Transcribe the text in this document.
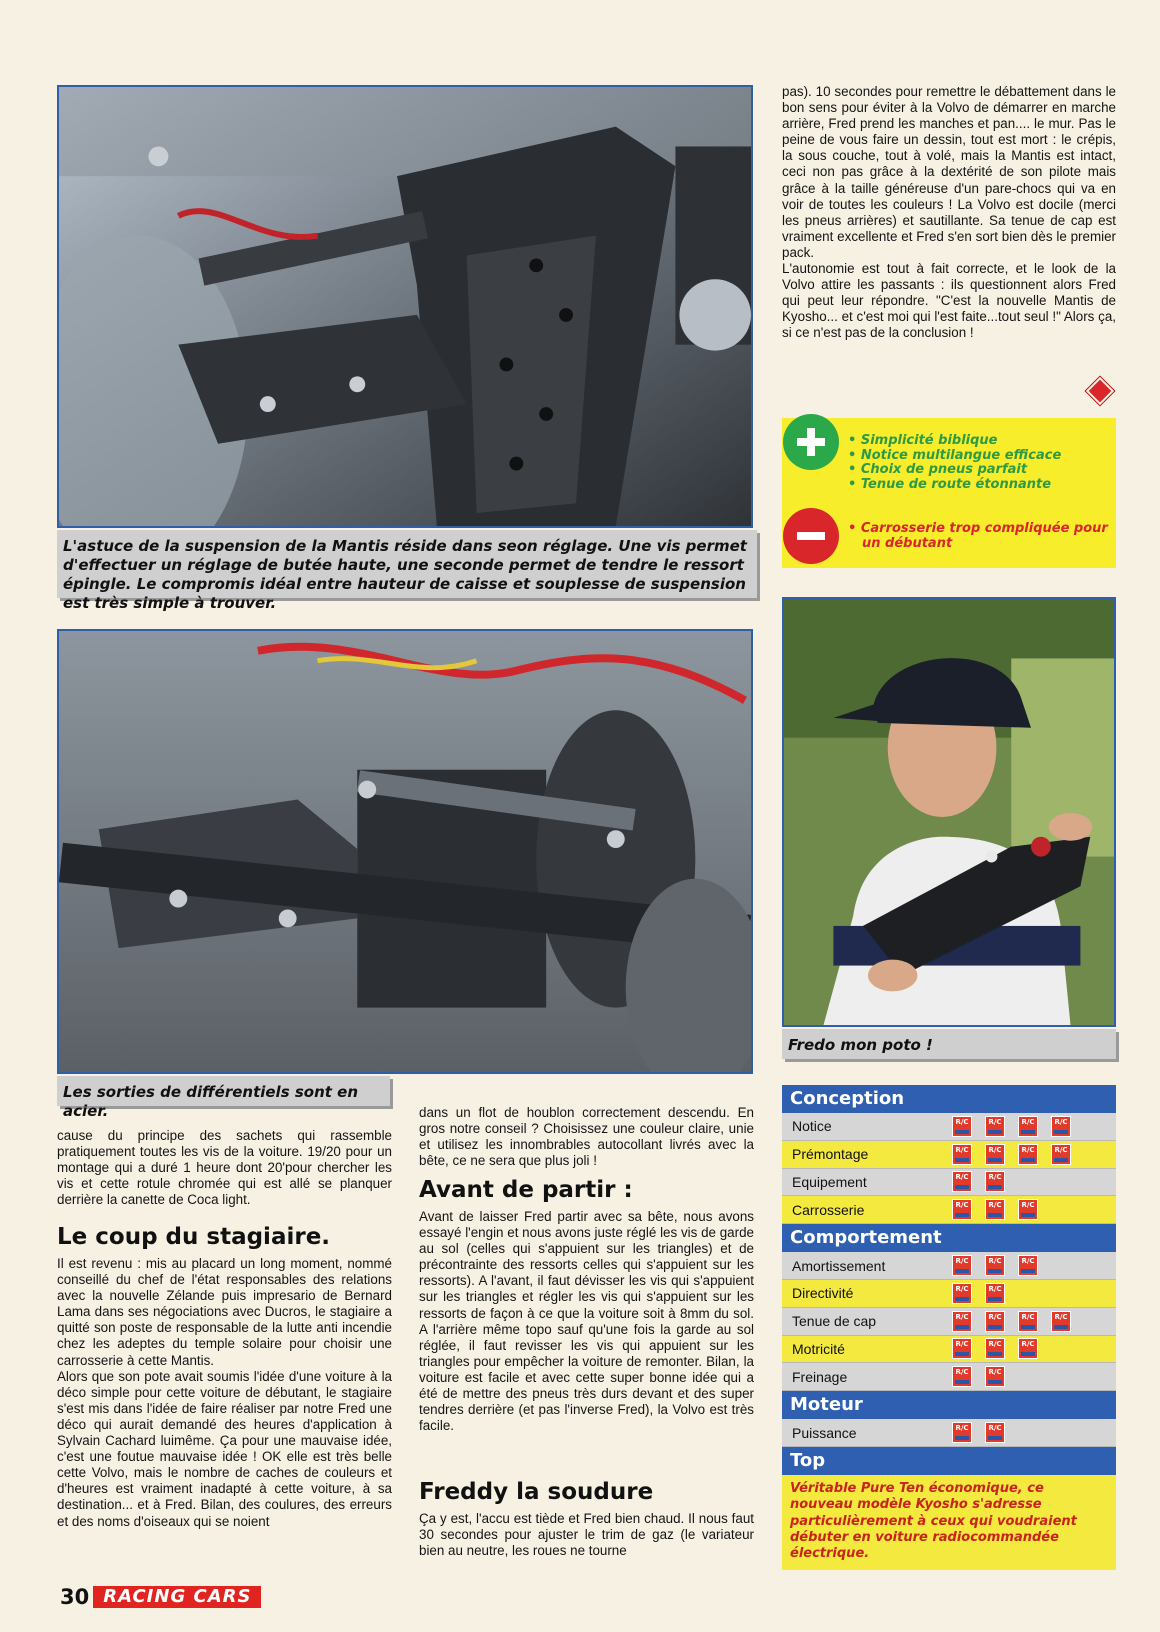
L'astuce de la suspension de la Mantis réside dans seon réglage. Une vis permet d'effectuer un réglage de butée haute, une seconde permet de tendre le ressort épingle. Le compromis idéal entre hauteur de caisse et souplesse de suspension est très simple à trouver.
Les sorties de différentiels sont en acier.
Fredo mon poto !
pas). 10 secondes pour remettre le débattement dans le bon sens pour éviter à la Volvo de démarrer en marche arrière, Fred prend les manches et pan.... le mur. Pas le peine de vous faire un dessin, tout est mort : le crépis, la sous couche, tout à volé, mais la Mantis est intact, ceci non pas grâce à la dextérité de son pilote mais grâce à la taille généreuse d'un pare-chocs qui va en voir de toutes les couleurs ! La Volvo est docile (merci les pneus arrières) et sautillante. Sa tenue de cap est vraiment excellente et Fred s'en sort bien dès le premier pack.
L'autonomie est tout à fait correcte, et le look de la Volvo attire les passants : ils questionnent alors Fred qui peut leur répondre. "C'est la nouvelle Mantis de Kyosho... et c'est moi qui l'est faite...tout seul !" Alors ça, si ce n'est pas de la conclusion !
• Simplicité biblique
• Notice multilangue efficace
• Choix de pneus parfait
• Tenue de route étonnante
• Carrosserie trop compliquée pour un débutant
cause du principe des sachets qui rassemble pratiquement toutes les vis de la voiture. 19/20 pour un montage qui a duré 1 heure dont 20'pour chercher les vis et cette rotule chromée qui est allé se planquer derrière la canette de Coca light.
Le coup du stagiaire.
Il est revenu : mis au placard un long moment, nommé conseillé du chef de l'état responsables des relations avec la nouvelle Zélande puis impresario de Bernard Lama dans ses négociations avec Ducros, le stagiaire a quitté son poste de responsable de la lutte anti incendie chez les adeptes du temple solaire pour choisir une carrosserie à cette Mantis.
Alors que son pote avait soumis l'idée d'une voiture à la déco simple pour cette voiture de débutant, le stagiaire s'est mis dans l'idée de faire réaliser par notre Fred une déco qui aurait demandé des heures d'application à Sylvain Cachard luimême. Ça pour une mauvaise idée, c'est une foutue mauvaise idée ! OK elle est très belle cette Volvo, mais le nombre de caches de couleurs et d'heures est vraiment inadapté à cette voiture, à sa destination... et à Fred. Bilan, des coulures, des erreurs et des noms d'oiseaux qui se noient
dans un flot de houblon correctement descendu. En gros notre conseil ? Choisissez une couleur claire, unie et utilisez les innombrables autocollant livrés avec la bête, ce ne sera que plus joli !
Avant de partir :
Avant de laisser Fred partir avec sa bête, nous avons essayé l'engin et nous avons juste réglé les vis de garde au sol (celles qui s'appuient sur les triangles) et de précontrainte des ressorts celles qui s'appuient sur les ressorts). A l'avant, il faut dévisser les vis qui s'appuient sur les triangles et régler les vis qui s'appuient sur les ressorts de façon à ce que la voiture soit à 8mm du sol. A l'arrière même topo sauf qu'une fois la garde au sol réglée, il faut revisser les vis qui appuient sur les triangles pour empêcher la voiture de remonter. Bilan, la voiture est facile et avec cette super bonne idée qui a été de mettre des pneus très durs devant et des super tendres derrière (et pas l'inverse Fred), la Volvo est très facile.
Freddy la soudure
Ça y est, l'accu est tiède et Fred bien chaud. Il nous faut 30 secondes pour ajuster le trim de gaz (le variateur bien au neutre, les roues ne tourne
Conception
Notice
R/C
R/C
R/C
R/C
Prémontage
R/C
R/C
R/C
R/C
Equipement
R/C
R/C
Carrosserie
R/C
R/C
R/C
Comportement
Amortissement
R/C
R/C
R/C
Directivité
R/C
R/C
Tenue de cap
R/C
R/C
R/C
R/C
Motricité
R/C
R/C
R/C
Freinage
R/C
R/C
Moteur
Puissance
R/C
R/C
Top
Véritable Pure Ten économique, ce nouveau modèle Kyosho s'adresse particulièrement à ceux qui voudraient débuter en voiture radiocommandée électrique.
30 RACING CARS
